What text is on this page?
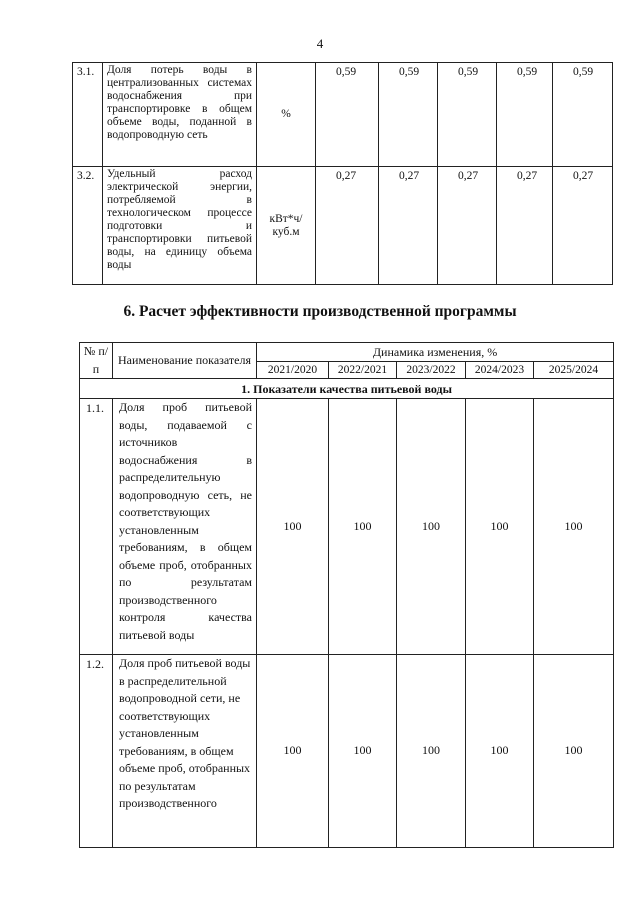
4
3.1.	Доля потерь воды в централизованных системах водоснабжения при транспортировке в общем объеме воды, поданной в водопроводную сеть	%	0,59	0,59	0,59	0,59	0,59
3.2.	Удельный расход электрической энергии, потребляемой в технологическом процессе подготовки и транспортировки питьевой воды, на единицу объема воды	кВт*ч/ куб.м	0,27	0,27	0,27	0,27	0,27
6. Расчет эффективности производственной программы
№ п/п	Наименование показателя	Динамика изменения, %				
		2021/2020	2022/2021	2023/2022	2024/2023	2025/2024
1. Показатели качества питьевой воды						
1.1.	Доля проб питьевой воды, подаваемой с источников водоснабжения в распределительную водопроводную сеть, не соответствующих установленным требованиям, в общем объеме проб, отобранных по результатам производственного контроля качества питьевой воды	100	100	100	100	100
1.2.	Доля проб питьевой воды в распределительной водопроводной сети, не соответствующих установленным требованиям, в общем объеме проб, отобранных по результатам производственного	100	100	100	100	100
